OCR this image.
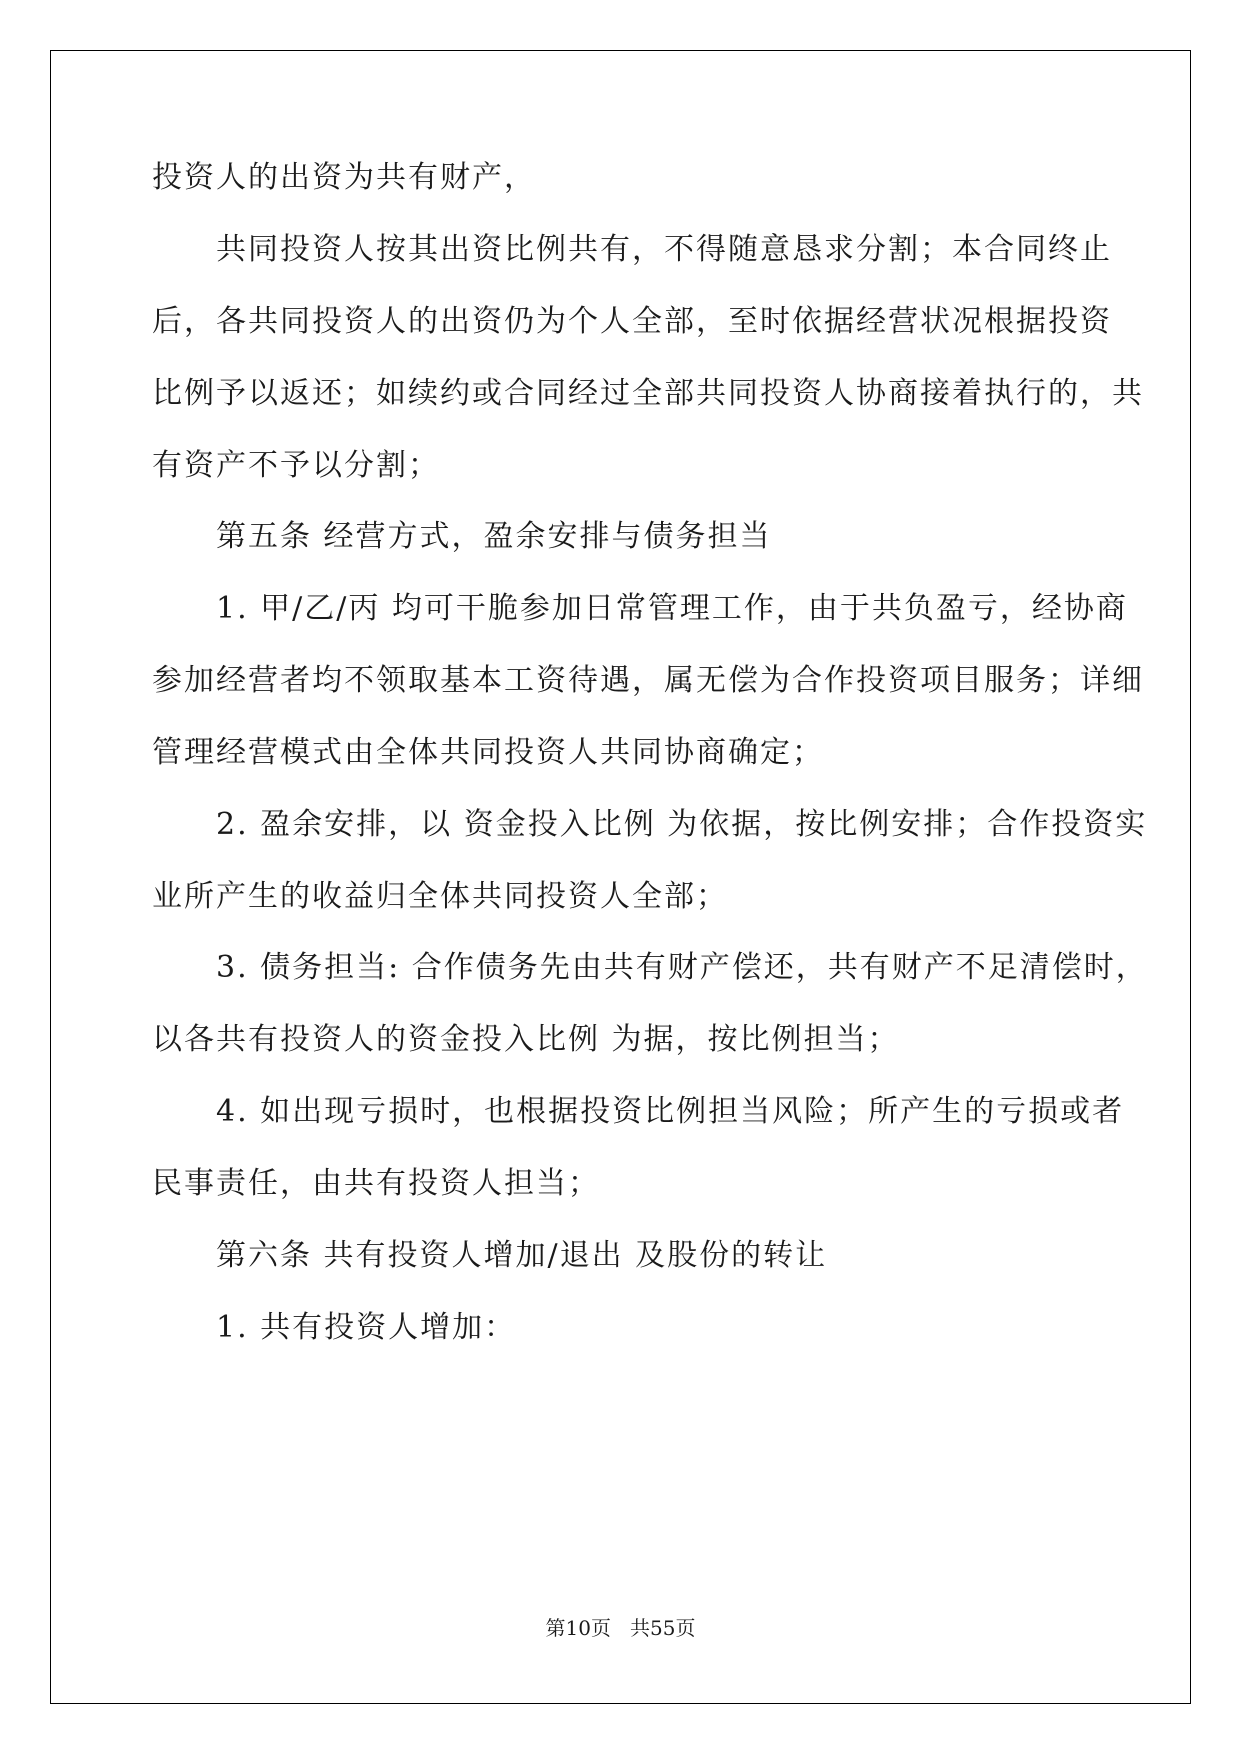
投资人的出资为共有财产，
共同投资人按其出资比例共有，不得随意恳求分割；本合同终止
后，各共同投资人的出资仍为个人全部，至时依据经营状况根据投资
比例予以返还；如续约或合同经过全部共同投资人协商接着执行的，共
有资产不予以分割；
第五条 经营方式，盈余安排与债务担当
1. 甲/乙/丙 均可干脆参加日常管理工作，由于共负盈亏，经协商
参加经营者均不领取基本工资待遇，属无偿为合作投资项目服务；详细
管理经营模式由全体共同投资人共同协商确定；
2. 盈余安排，以 资金投入比例 为依据，按比例安排；合作投资实
业所产生的收益归全体共同投资人全部；
3. 债务担当: 合作债务先由共有财产偿还，共有财产不足清偿时，
以各共有投资人的资金投入比例 为据，按比例担当；
4. 如出现亏损时，也根据投资比例担当风险；所产生的亏损或者
民事责任，由共有投资人担当；
第六条 共有投资人增加/退出 及股份的转让
1. 共有投资人增加：
第10页   共55页
